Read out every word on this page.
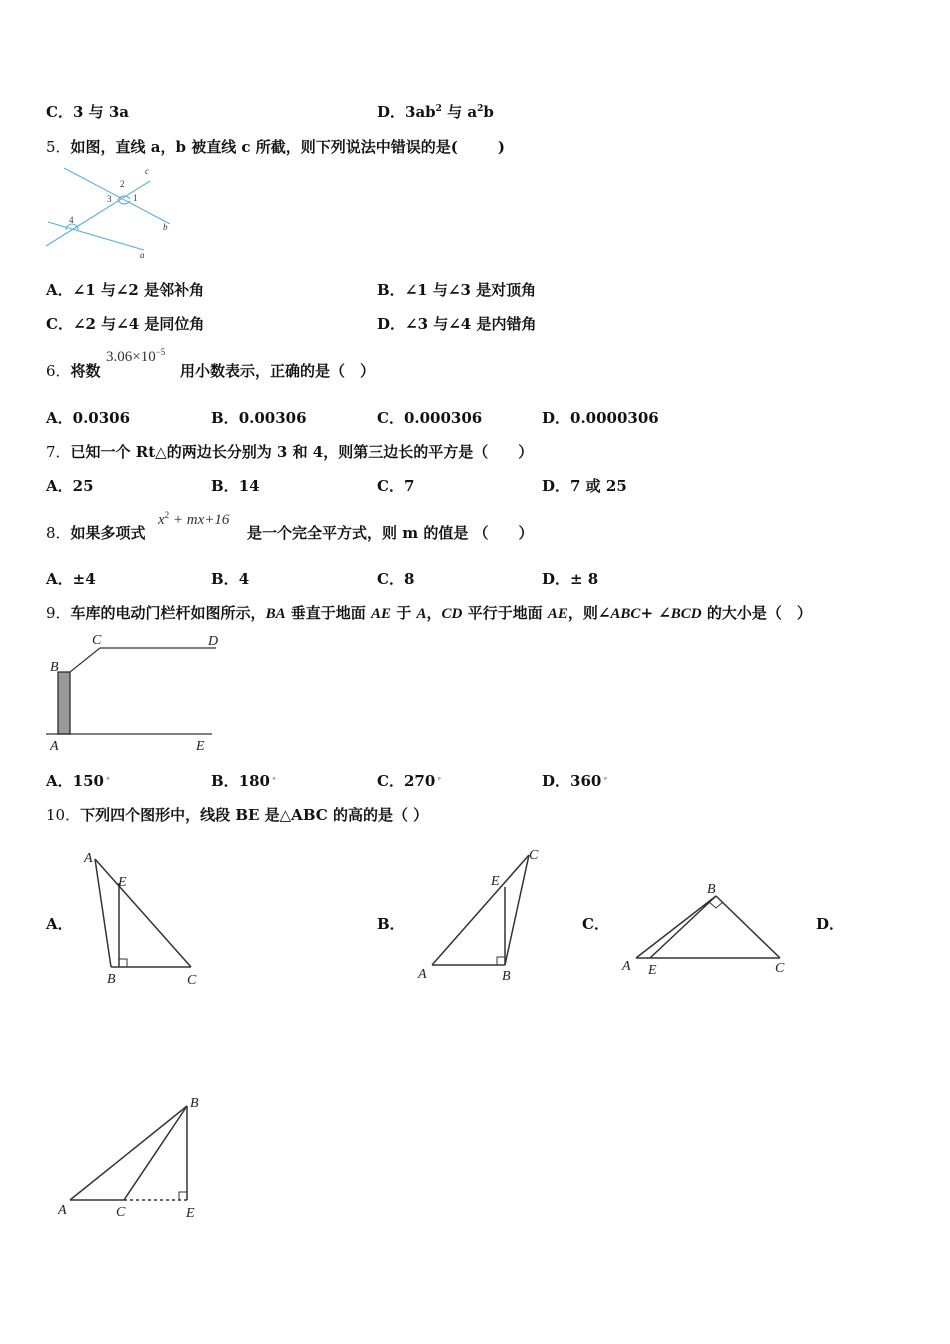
C．3 与 3a	D．$3ab^2$ 与 $a^2b$
5．如图，直线 a，b 被直线 c 所截，则下列说法中错误的是(	)
c
b
a
1
2
3
4
A．∠1 与∠2 是邻补角	B．∠1 与∠3 是对顶角
C．∠2 与∠4 是同位角	D．∠3 与∠4 是内错角
6．将数
$3.06\times 10^{-5}$
用小数表示，正确的是（　）
A．0.0306	B．0.00306	C．0.000306	D．0.0000306
7．已知一个 Rt△的两边长分别为 3 和 4，则第三边长的平方是（　　）
A．25	B．14	C．7	D．7 或 25
8．如果多项式
$x^2 + mx+16$
是一个完全平方式，则 m 的值是 （　　）
A．±4	B．4	C．8	D．± 8
9．车库的电动门栏杆如图所示，BA 垂直于地面 AE 于 A，CD 平行于地面 AE，则∠ABC+ ∠BCD 的大小是（　）
B
C	D
A	E
A．150 °	B．180 °	C．270 °	D．360 °
10．下列四个图形中，线段 BE 是△ABC 的高的是（ ）
A．	B．	C．	D．
A
E
B	C
C
E
A	B
B
A E	C
B
A	C	E
